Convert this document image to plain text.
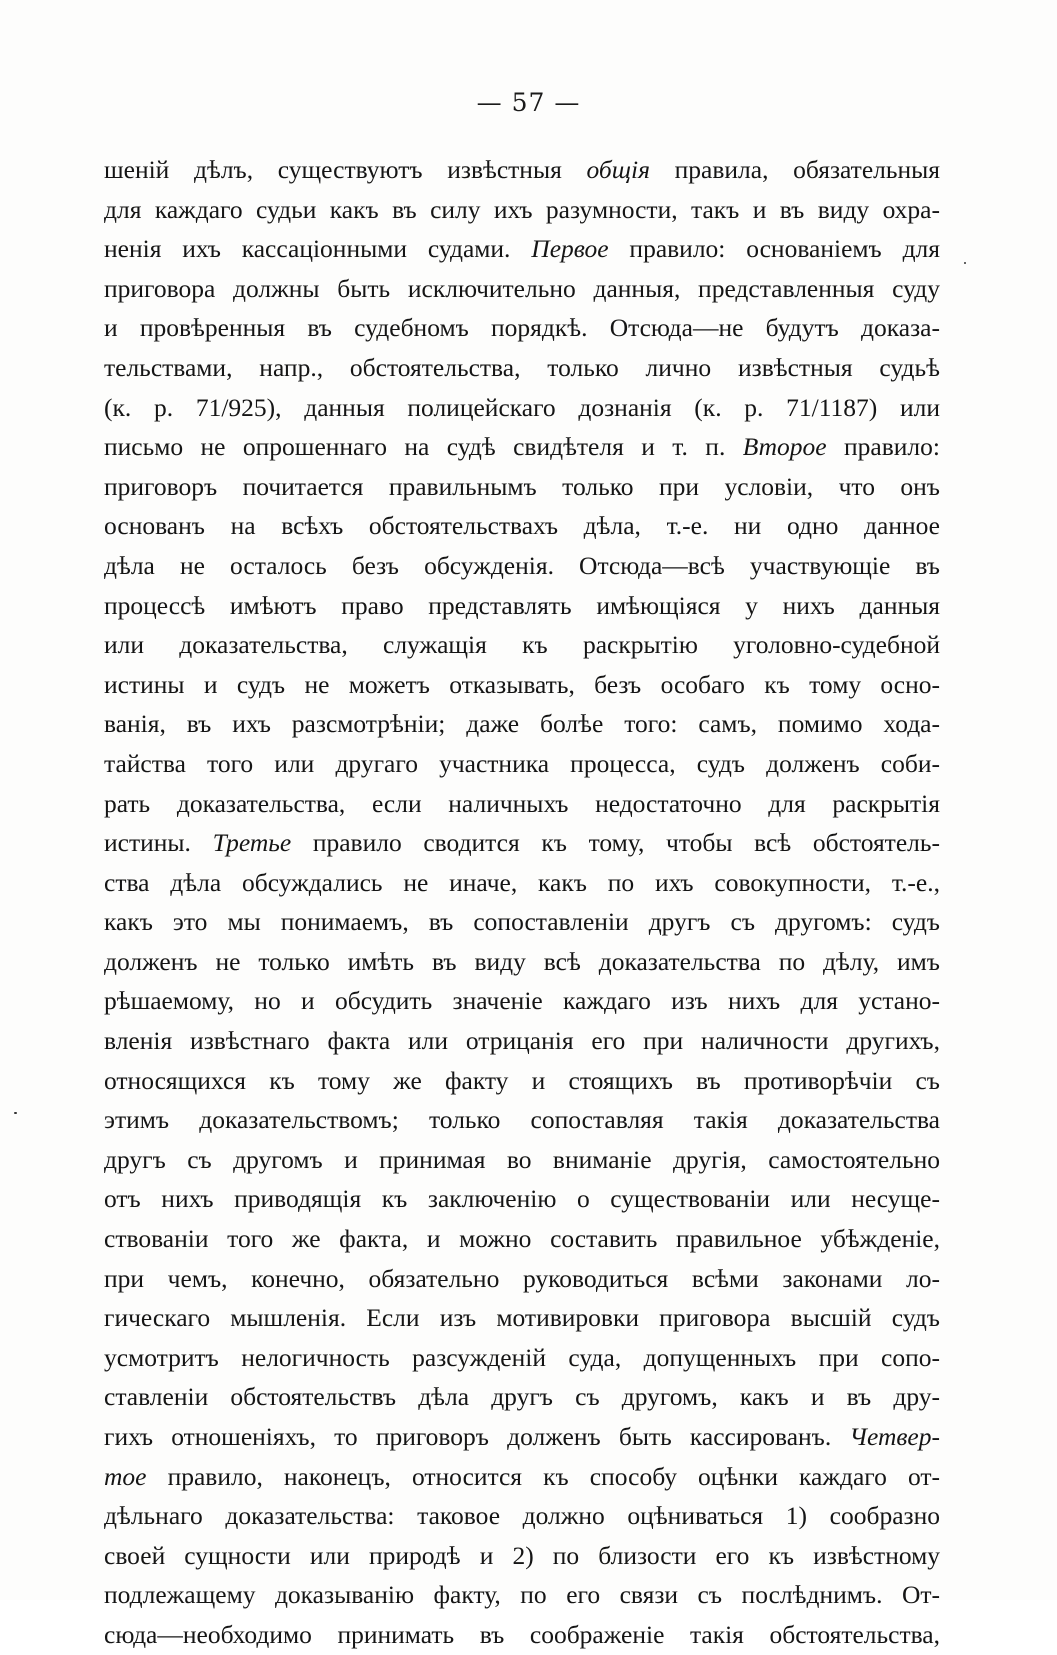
— 57 —
шеній дѣлъ, существуютъ извѣстныя общія правила, обязательныя
для каждаго судьи какъ въ силу ихъ разумности, такъ и въ виду охра-
ненія ихъ кассаціонными судами. Первое правило: основаніемъ для
приговора должны быть исключительно данныя, представленныя суду
и провѣренныя въ судебномъ порядкѣ. Отсюда—не будутъ доказа-
тельствами, напр., обстоятельства, только лично извѣстныя судьѣ
(к. р. 71/925), данныя полицейскаго дознанія (к. р. 71/1187) или
письмо не опрошеннаго на судѣ свидѣтеля и т. п. Второе правило:
приговоръ почитается правильнымъ только при условіи, что онъ
основанъ на всѣхъ обстоятельствахъ дѣла, т.-е. ни одно данное
дѣла не осталось безъ обсужденія. Отсюда—всѣ участвующіе въ
процессѣ имѣютъ право представлять имѣющіяся у нихъ данныя
или доказательства, служащія къ раскрытію уголовно-судебной
истины и судъ не можетъ отказывать, безъ особаго къ тому осно-
ванія, въ ихъ разсмотрѣніи; даже болѣе того: самъ, помимо хода-
тайства того или другаго участника процесса, судъ долженъ соби-
рать доказательства, если наличныхъ недостаточно для раскрытія
истины. Третье правило сводится къ тому, чтобы всѣ обстоятель-
ства дѣла обсуждались не иначе, какъ по ихъ совокупности, т.-е.,
какъ это мы понимаемъ, въ сопоставленіи другъ съ другомъ: судъ
долженъ не только имѣть въ виду всѣ доказательства по дѣлу, имъ
рѣшаемому, но и обсудить значеніе каждаго изъ нихъ для устано-
вленія извѣстнаго факта или отрицанія его при наличности другихъ,
относящихся къ тому же факту и стоящихъ въ противорѣчіи съ
этимъ доказательствомъ; только сопоставляя такія доказательства
другъ съ другомъ и принимая во вниманіе другія, самостоятельно
отъ нихъ приводящія къ заключенію о существованіи или несуще-
ствованіи того же факта, и можно составить правильное убѣжденіе,
при чемъ, конечно, обязательно руководиться всѣми законами ло-
гическаго мышленія. Если изъ мотивировки приговора высшій судъ
усмотритъ нелогичность разсужденій суда, допущенныхъ при сопо-
ставленіи обстоятельствъ дѣла другъ съ другомъ, какъ и въ дру-
гихъ отношеніяхъ, то приговоръ долженъ быть кассированъ. Четвер-
тое правило, наконецъ, относится къ способу оцѣнки каждаго от-
дѣльнаго доказательства: таковое должно оцѣниваться 1) сообразно
своей сущности или природѣ и 2) по близости его къ извѣстному
подлежащему доказыванію факту, по его связи съ послѣднимъ. От-
сюда—необходимо принимать въ соображеніе такія обстоятельства,
